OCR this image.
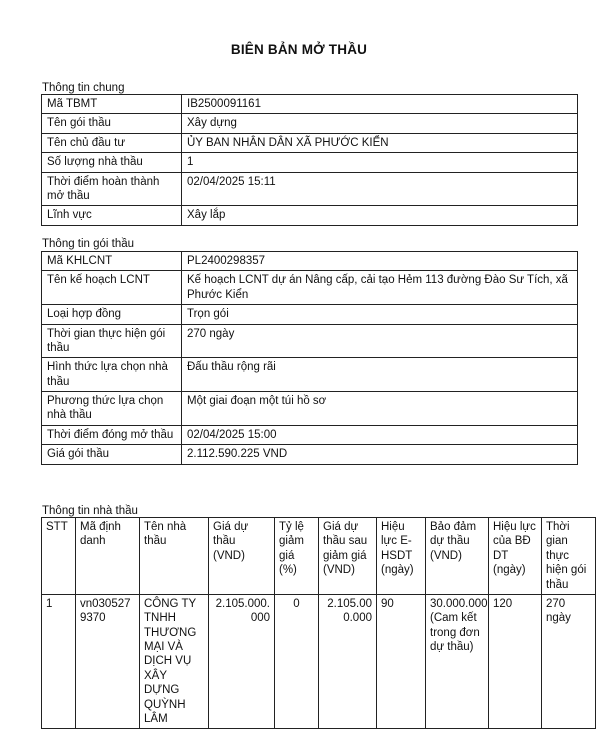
BIÊN BẢN MỞ THẦU
Thông tin chung
Mã TBMT	IB2500091161
Tên gói thầu	Xây dựng
Tên chủ đầu tư	ỦY BAN NHÂN DÂN XÃ PHƯỚC KIỂN
Số lượng nhà thầu	1
Thời điểm hoàn thành mở thầu	02/04/2025 15:11
Lĩnh vực	Xây lắp
Thông tin gói thầu
Mã KHLCNT	PL2400298357
Tên kế hoạch LCNT	Kế hoạch LCNT dự án Nâng cấp, cải tạo Hẻm 113 đường Đào Sư Tích, xã Phước Kiển
Loại hợp đồng	Trọn gói
Thời gian thực hiện gói thầu	270 ngày
Hình thức lựa chọn nhà thầu	Đấu thầu rộng rãi
Phương thức lựa chọn nhà thầu	Một giai đoạn một túi hồ sơ
Thời điểm đóng mở thầu	02/04/2025 15:00
Giá gói thầu	2.112.590.225 VND
Thông tin nhà thầu
STT	Mã định danh	Tên nhà thầu	Giá dự thầu (VND)	Tỷ lệ giảm giá (%)	Giá dự thầu sau giảm giá (VND)	Hiệu lực E-HSDT (ngày)	Bảo đảm dự thầu (VND)	Hiệu lực của BĐ DT (ngày)	Thời gian thực hiện gói thầu
1	vn0305279370	CÔNG TY TNHH THƯƠNG MẠI VÀ DỊCH VỤ XÂY DỰNG QUỲNH LÂM	2.105.000.000	0	2.105.000.000	90	30.000.000 (Cam kết trong đơn dự thầu)	120	270 ngày
